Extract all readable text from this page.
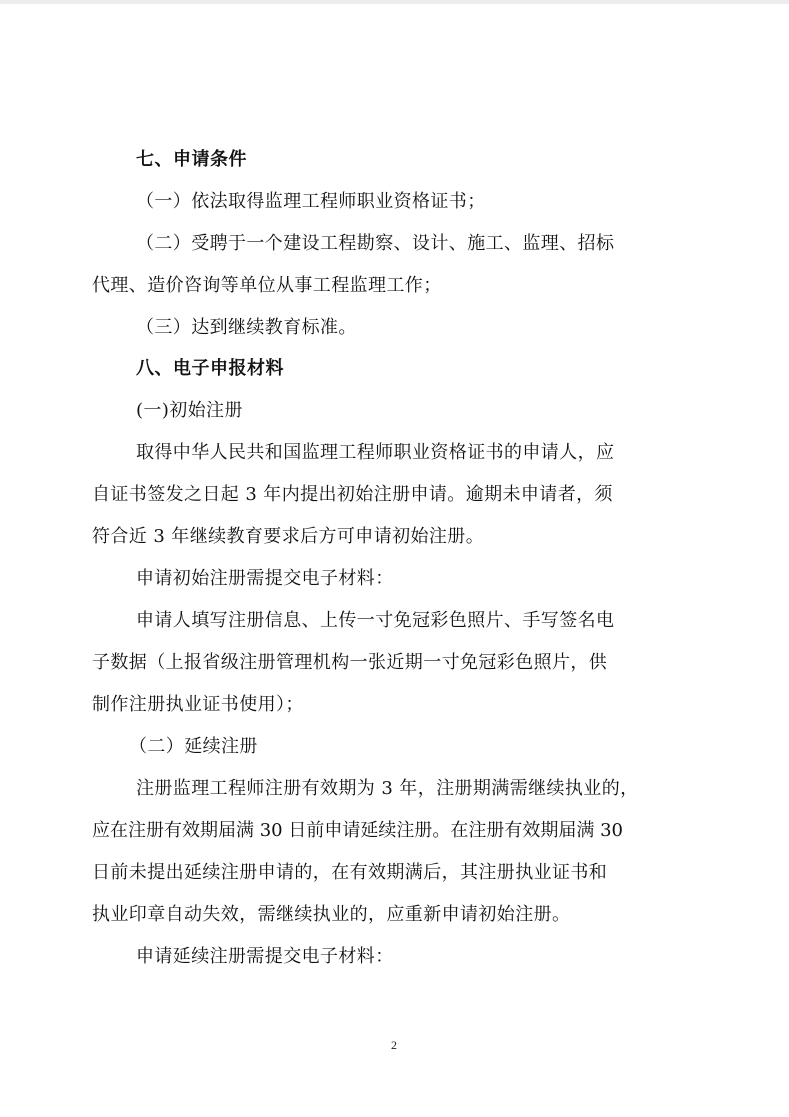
七、申请条件
（一）依法取得监理工程师职业资格证书；
（二）受聘于一个建设工程勘察、设计、施工、监理、招标
代理、造价咨询等单位从事工程监理工作；
（三）达到继续教育标准。
八、电子申报材料
(一)初始注册
取得中华人民共和国监理工程师职业资格证书的申请人，应
自证书签发之日起 3 年内提出初始注册申请。逾期未申请者，须
符合近 3 年继续教育要求后方可申请初始注册。
申请初始注册需提交电子材料：
申请人填写注册信息、上传一寸免冠彩色照片、手写签名电
子数据（上报省级注册管理机构一张近期一寸免冠彩色照片，供
制作注册执业证书使用）；
（二）延续注册
注册监理工程师注册有效期为 3 年，注册期满需继续执业的，
应在注册有效期届满 30 日前申请延续注册。在注册有效期届满 30
日前未提出延续注册申请的，在有效期满后，其注册执业证书和
执业印章自动失效，需继续执业的，应重新申请初始注册。
申请延续注册需提交电子材料：
2
